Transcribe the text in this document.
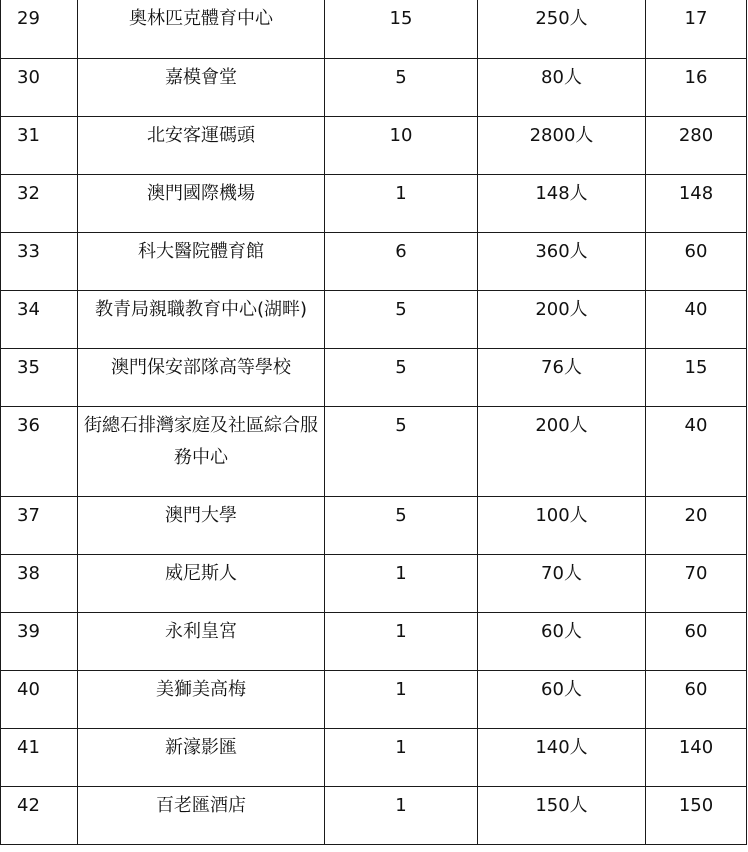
29	奧林匹克體育中心	15	250人	17

30	嘉模會堂	5	80人	16

31	北安客運碼頭	10	2800人	280

32	澳門國際機場	1	148人	148

33	科大醫院體育館	6	360人	60

34	教青局親職教育中心(湖畔)	5	200人	40

35	澳門保安部隊高等學校	5	76人	15

36	街總石排灣家庭及社區綜合服務中心	5	200人	40

37	澳門大學	5	100人	20

38	威尼斯人	1	70人	70

39	永利皇宮	1	60人	60

40	美獅美高梅	1	60人	60

41	新濠影匯	1	140人	140

42	百老匯酒店	1	150人	150
